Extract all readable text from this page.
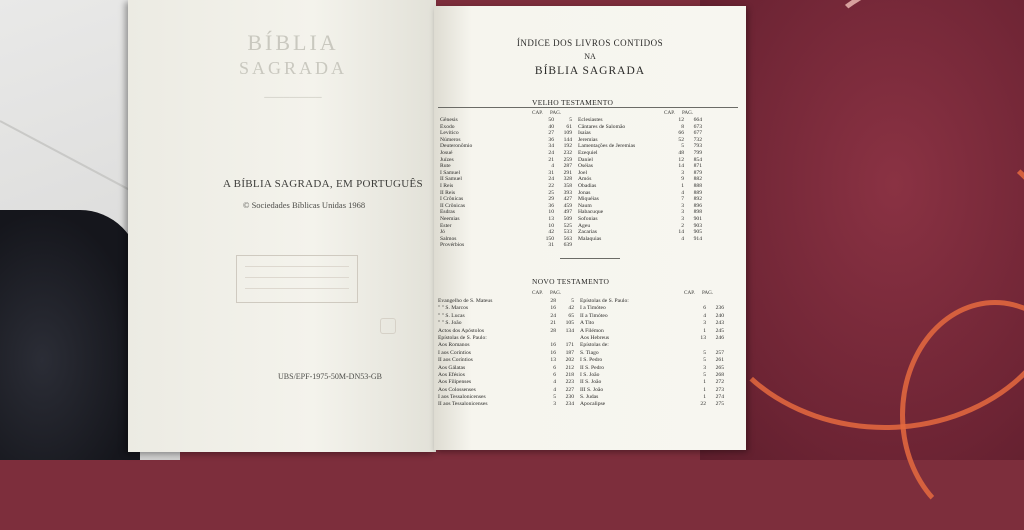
BÍBLIA
SAGRADA
─────────
A BÍBLIA SAGRADA, EM PORTUGUÊS
© Sociedades Bíblicas Unidas 1968
UBS/EPF-1975-50M-DN53-GB
ÍNDICE DOS LIVROS CONTIDOS
NA
BÍBLIA SAGRADA
VELHO TESTAMENTO
CAP. PAG.	CAP. PAG.
Gênesis	50	5
Êxodo	40	61
Levítico	27	109
Números	36	144
Deuteronômio	34	192
Josué	24	232
Juízes	21	259
Rute	4	287
I Samuel	31	291
II Samuel	24	328
I Reis	22	358
II Reis	25	393
I Crônicas	29	427
II Crônicas	36	459
Esdras	10	497
Neemias	13	509
Ester	10	525
Jó	42	533
Salmos	150	563
Provérbios	31	639
Eclesiastes	12	664
Cântares de Salomão	8	673
Isaías	66	677
Jeremias	52	732
Lamentações de Jeremias	5	793
Ezequiel	48	799
Daniel	12	854
Oséias	14	871
Joel	3	879
Amós	9	882
Obadias	1	888
Jonas	4	889
Miquéias	7	892
Naum	3	896
Habacuque	3	898
Sofonias	3	901
Ageu	2	903
Zacarias	14	905
Malaquias	4	914
NOVO TESTAMENTO
CAP. PAG.	CAP. PAG.
Evangelho de S. Mateus	28	5
" " S. Marcos	16	42
" " S. Lucas	24	65
" " S. João	21	105
Actos dos Apóstolos	28	134
Epístolas de S. Paulo:
Aos Romanos	16	171
I aos Coríntios	16	187
II aos Coríntios	13	202
Aos Gálatas	6	212
Aos Efésios	6	218
Aos Filipenses	4	223
Aos Colossenses	4	227
I aos Tessalonicenses	5	230
II aos Tessalonicenses	3	234
Epístolas de S. Paulo:
I a Timóteo	6	236
II a Timóteo	4	240
A Tito	3	243
A Filémon	1	245
Aos Hebreus	13	246
Epístolas de:
S. Tiago	5	257
I S. Pedro	5	261
II S. Pedro	3	265
I S. João	5	268
II S. João	1	272
III S. João	1	273
S. Judas	1	274
Apocalipse	22	275
